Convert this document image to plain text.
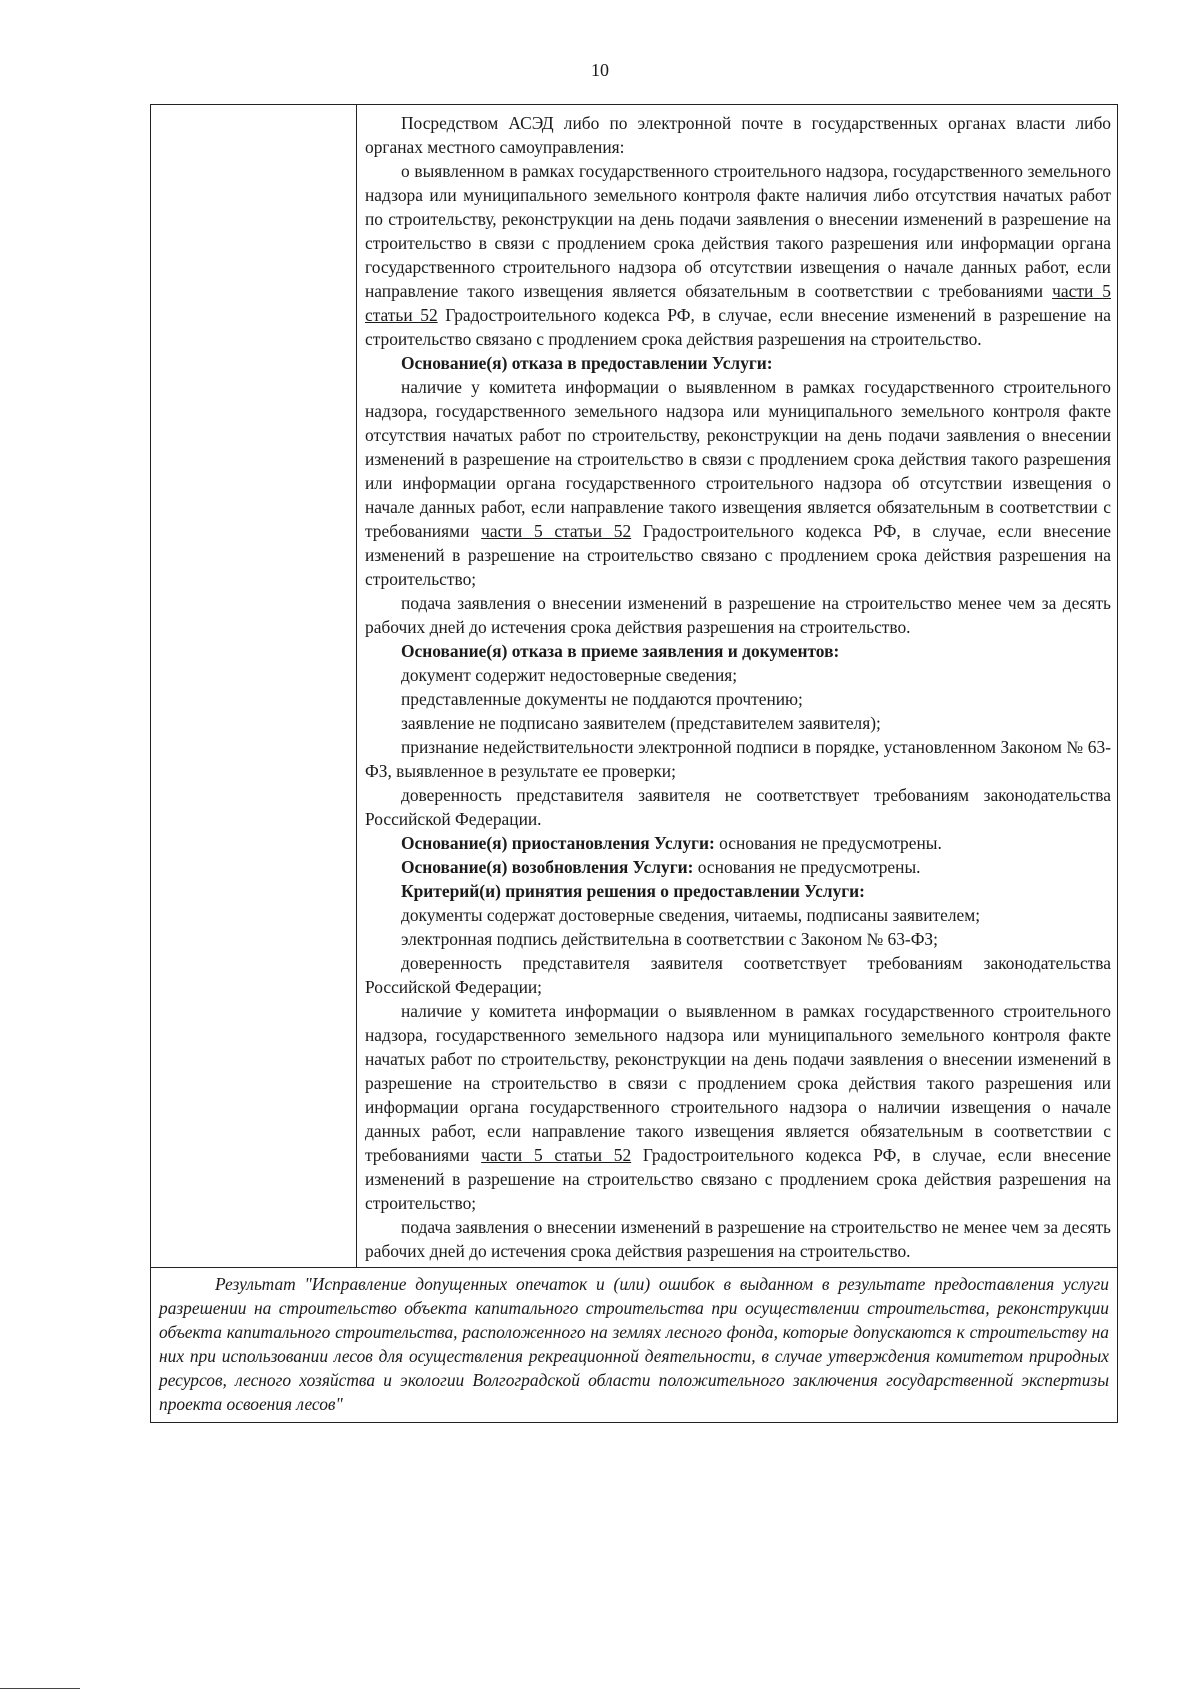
10

Посредством АСЭД либо по электронной почте в государственных органах власти либо органах местного самоуправления:

о выявленном в рамках государственного строительного надзора, государственного земельного надзора или муниципального земельного контроля факте наличия либо отсутствия начатых работ по строительству, реконструкции на день подачи заявления о внесении изменений в разрешение на строительство в связи с продлением срока действия такого разрешения или информации органа государственного строительного надзора об отсутствии извещения о начале данных работ, если направление такого извещения является обязательным в соответствии с требованиями части 5 статьи 52 Градостроительного кодекса РФ, в случае, если внесение изменений в разрешение на строительство связано с продлением срока действия разрешения на строительство.

Основание(я) отказа в предоставлении Услуги:

наличие у комитета информации о выявленном в рамках государственного строительного надзора, государственного земельного надзора или муниципального земельного контроля факте отсутствия начатых работ по строительству, реконструкции на день подачи заявления о внесении изменений в разрешение на строительство в связи с продлением срока действия такого разрешения или информации органа государственного строительного надзора об отсутствии извещения о начале данных работ, если направление такого извещения является обязательным в соответствии с требованиями части 5 статьи 52 Градостроительного кодекса РФ, в случае, если внесение изменений в разрешение на строительство связано с продлением срока действия разрешения на строительство;

подача заявления о внесении изменений в разрешение на строительство менее чем за десять рабочих дней до истечения срока действия разрешения на строительство.

Основание(я) отказа в приеме заявления и документов:

документ содержит недостоверные сведения;

представленные документы не поддаются прочтению;

заявление не подписано заявителем (представителем заявителя);

признание недействительности электронной подписи в порядке, установленном Законом № 63-ФЗ, выявленное в результате ее проверки;

доверенность представителя заявителя не соответствует требованиям законодательства Российской Федерации.

Основание(я) приостановления Услуги: основания не предусмотрены.

Основание(я) возобновления Услуги: основания не предусмотрены.

Критерий(и) принятия решения о предоставлении Услуги:

документы содержат достоверные сведения, читаемы, подписаны заявителем;

электронная подпись действительна в соответствии с Законом № 63-ФЗ;

доверенность представителя заявителя соответствует требованиям законодательства Российской Федерации;

наличие у комитета информации о выявленном в рамках государственного строительного надзора, государственного земельного надзора или муниципального земельного контроля факте начатых работ по строительству, реконструкции на день подачи заявления о внесении изменений в разрешение на строительство в связи с продлением срока действия такого разрешения или информации органа государственного строительного надзора о наличии извещения о начале данных работ, если направление такого извещения является обязательным в соответствии с требованиями части 5 статьи 52 Градостроительного кодекса РФ, в случае, если внесение изменений в разрешение на строительство связано с продлением срока действия разрешения на строительство;

подача заявления о внесении изменений в разрешение на строительство не менее чем за десять рабочих дней до истечения срока действия разрешения на строительство.

Результат "Исправление допущенных опечаток и (или) ошибок в выданном в результате предоставления услуги разрешении на строительство объекта капитального строительства при осуществлении строительства, реконструкции объекта капитального строительства, расположенного на землях лесного фонда, которые допускаются к строительству на них при использовании лесов для осуществления рекреационной деятельности, в случае утверждения комитетом природных ресурсов, лесного хозяйства и экологии Волгоградской области положительного заключения государственной экспертизы проекта освоения лесов"
